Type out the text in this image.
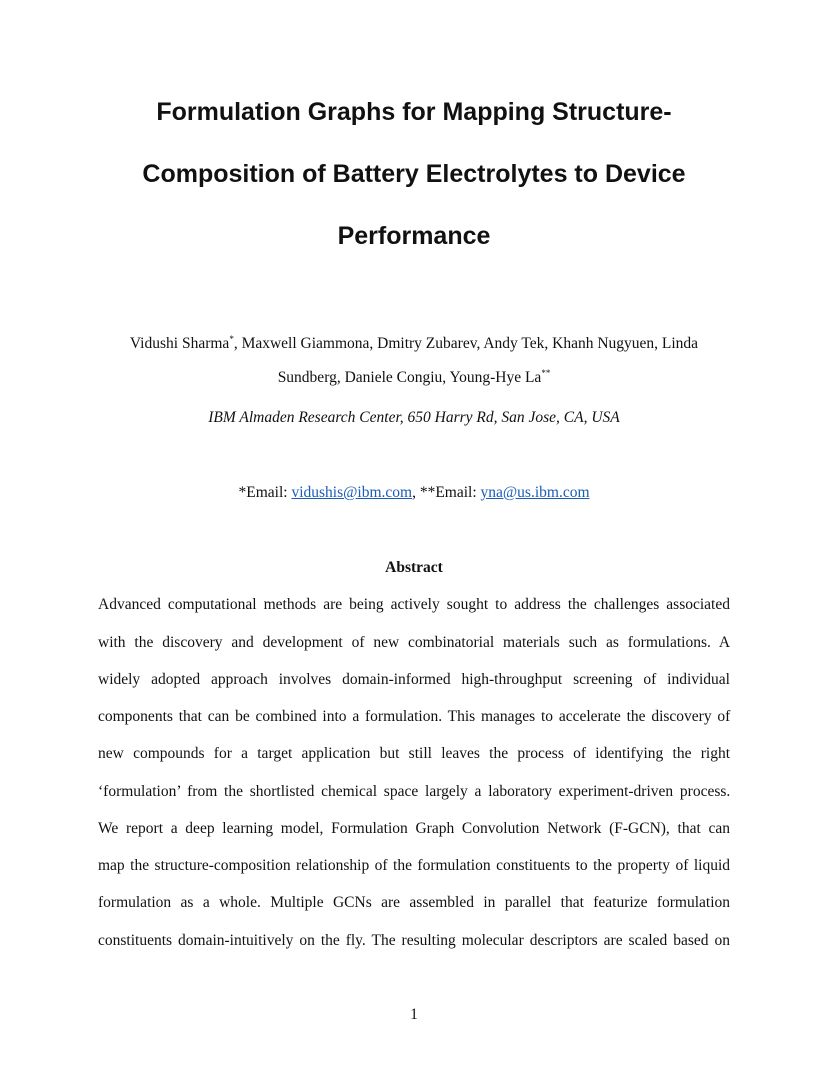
Formulation Graphs for Mapping Structure-
Composition of Battery Electrolytes to Device
Performance
Vidushi Sharma*, Maxwell Giammona, Dmitry Zubarev, Andy Tek, Khanh Nugyuen, Linda
Sundberg, Daniele Congiu, Young-Hye La**
IBM Almaden Research Center, 650 Harry Rd, San Jose, CA, USA
*Email: vidushis@ibm.com, **Email: yna@us.ibm.com
Abstract
Advanced computational methods are being actively sought to address the challenges associated
with the discovery and development of new combinatorial materials such as formulations. A
widely adopted approach involves domain-informed high-throughput screening of individual
components that can be combined into a formulation. This manages to accelerate the discovery of
new compounds for a target application but still leaves the process of identifying the right
‘formulation’ from the shortlisted chemical space largely a laboratory experiment-driven process.
We report a deep learning model, Formulation Graph Convolution Network (F-GCN), that can
map the structure-composition relationship of the formulation constituents to the property of liquid
formulation as a whole. Multiple GCNs are assembled in parallel that featurize formulation
constituents domain-intuitively on the fly. The resulting molecular descriptors are scaled based on
1
